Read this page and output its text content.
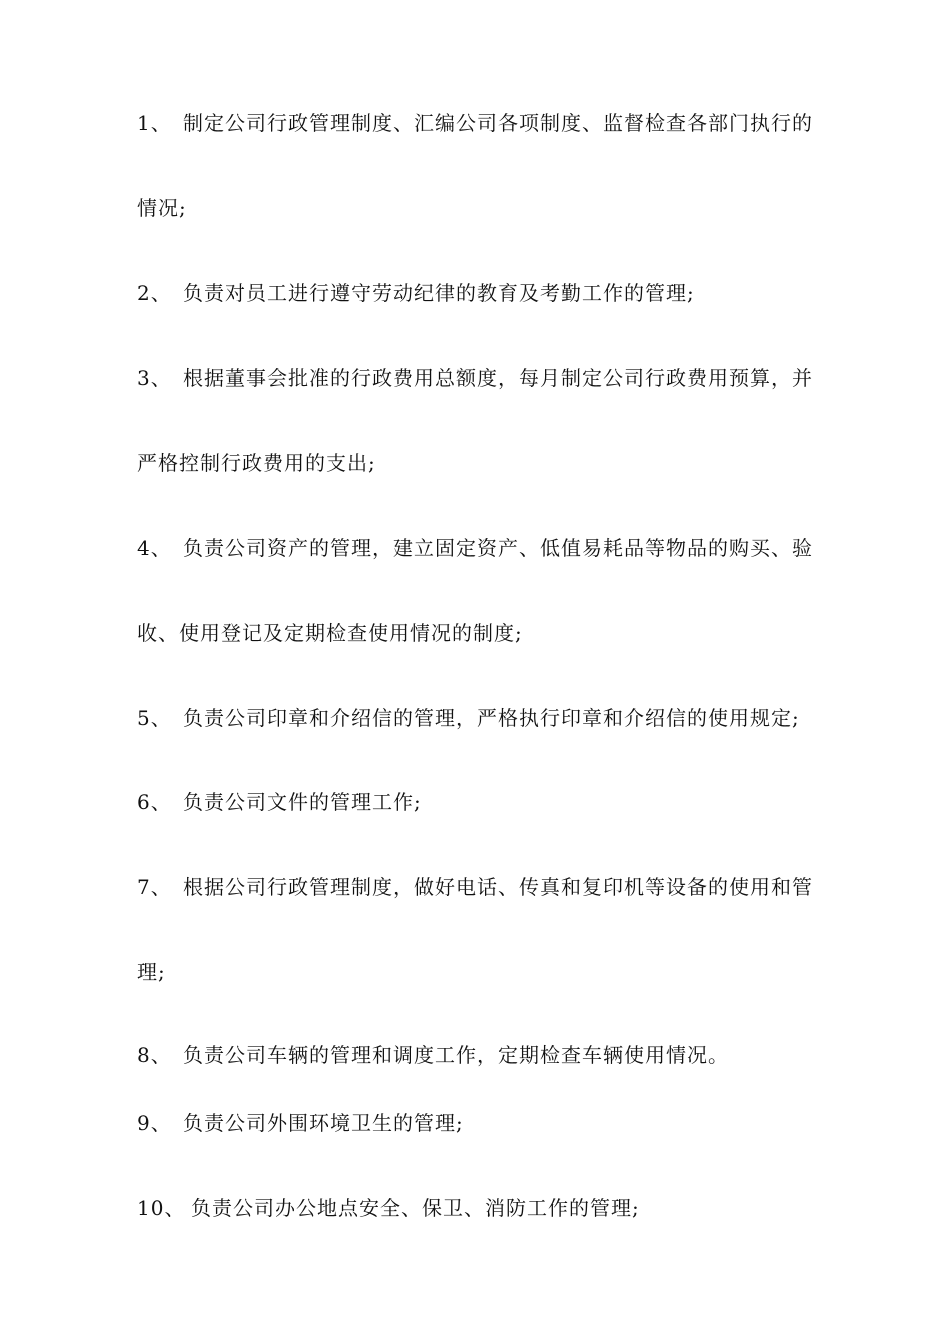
1、 制定公司行政管理制度、汇编公司各项制度、监督检查各部门执行的
情况;
2、 负责对员工进行遵守劳动纪律的教育及考勤工作的管理;
3、 根据董事会批准的行政费用总额度，每月制定公司行政费用预算，并
严格控制行政费用的支出;
4、 负责公司资产的管理，建立固定资产、低值易耗品等物品的购买、验
收、使用登记及定期检查使用情况的制度;
5、 负责公司印章和介绍信的管理，严格执行印章和介绍信的使用规定;
6、 负责公司文件的管理工作;
7、 根据公司行政管理制度，做好电话、传真和复印机等设备的使用和管
理;
8、 负责公司车辆的管理和调度工作，定期检查车辆使用情况。
9、 负责公司外围环境卫生的管理;
10、 负责公司办公地点安全、保卫、消防工作的管理;
